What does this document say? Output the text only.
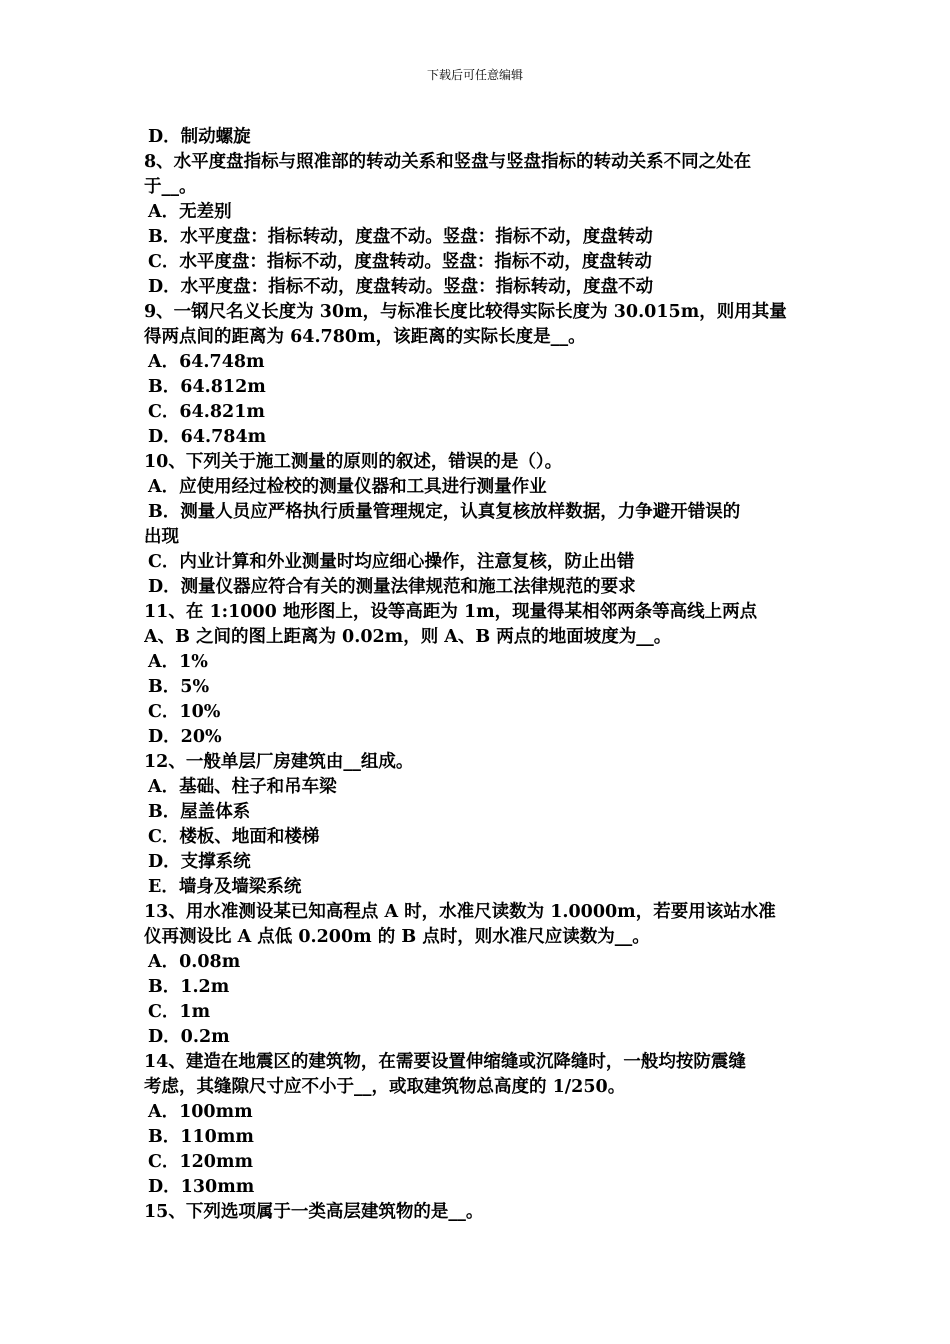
下载后可任意编辑
D．制动螺旋
8、水平度盘指标与照准部的转动关系和竖盘与竖盘指标的转动关系不同之处在
于__。
A．无差别
B．水平度盘：指标转动，度盘不动。竖盘：指标不动，度盘转动
C．水平度盘：指标不动，度盘转动。竖盘：指标不动，度盘转动
D．水平度盘：指标不动，度盘转动。竖盘：指标转动，度盘不动
9、一钢尺名义长度为 30m，与标准长度比较得实际长度为 30.015m，则用其量
得两点间的距离为 64.780m，该距离的实际长度是__。
A．64.748m
B．64.812m
C．64.821m
D．64.784m
10、下列关于施工测量的原则的叙述，错误的是（）。
A．应使用经过检校的测量仪器和工具进行测量作业
B．测量人员应严格执行质量管理规定，认真复核放样数据，力争避开错误的
出现
C．内业计算和外业测量时均应细心操作，注意复核，防止出错
D．测量仪器应符合有关的测量法律规范和施工法律规范的要求
11、在 1:1000 地形图上，设等高距为 1m，现量得某相邻两条等高线上两点
A、B 之间的图上距离为 0.02m，则 A、B 两点的地面坡度为__。
A．1%
B．5%
C．10%
D．20%
12、一般单层厂房建筑由__组成。
A．基础、柱子和吊车梁
B．屋盖体系
C．楼板、地面和楼梯
D．支撑系统
E．墙身及墙梁系统
13、用水准测设某已知高程点 A 时，水准尺读数为 1.0000m，若要用该站水准
仪再测设比 A 点低 0.200m 的 B 点时，则水准尺应读数为__。
A．0.08m
B．1.2m
C．1m
D．0.2m
14、建造在地震区的建筑物，在需要设置伸缩缝或沉降缝时，一般均按防震缝
考虑，其缝隙尺寸应不小于__，或取建筑物总高度的 1/250。
A．100mm
B．110mm
C．120mm
D．130mm
15、下列选项属于一类高层建筑物的是__。
